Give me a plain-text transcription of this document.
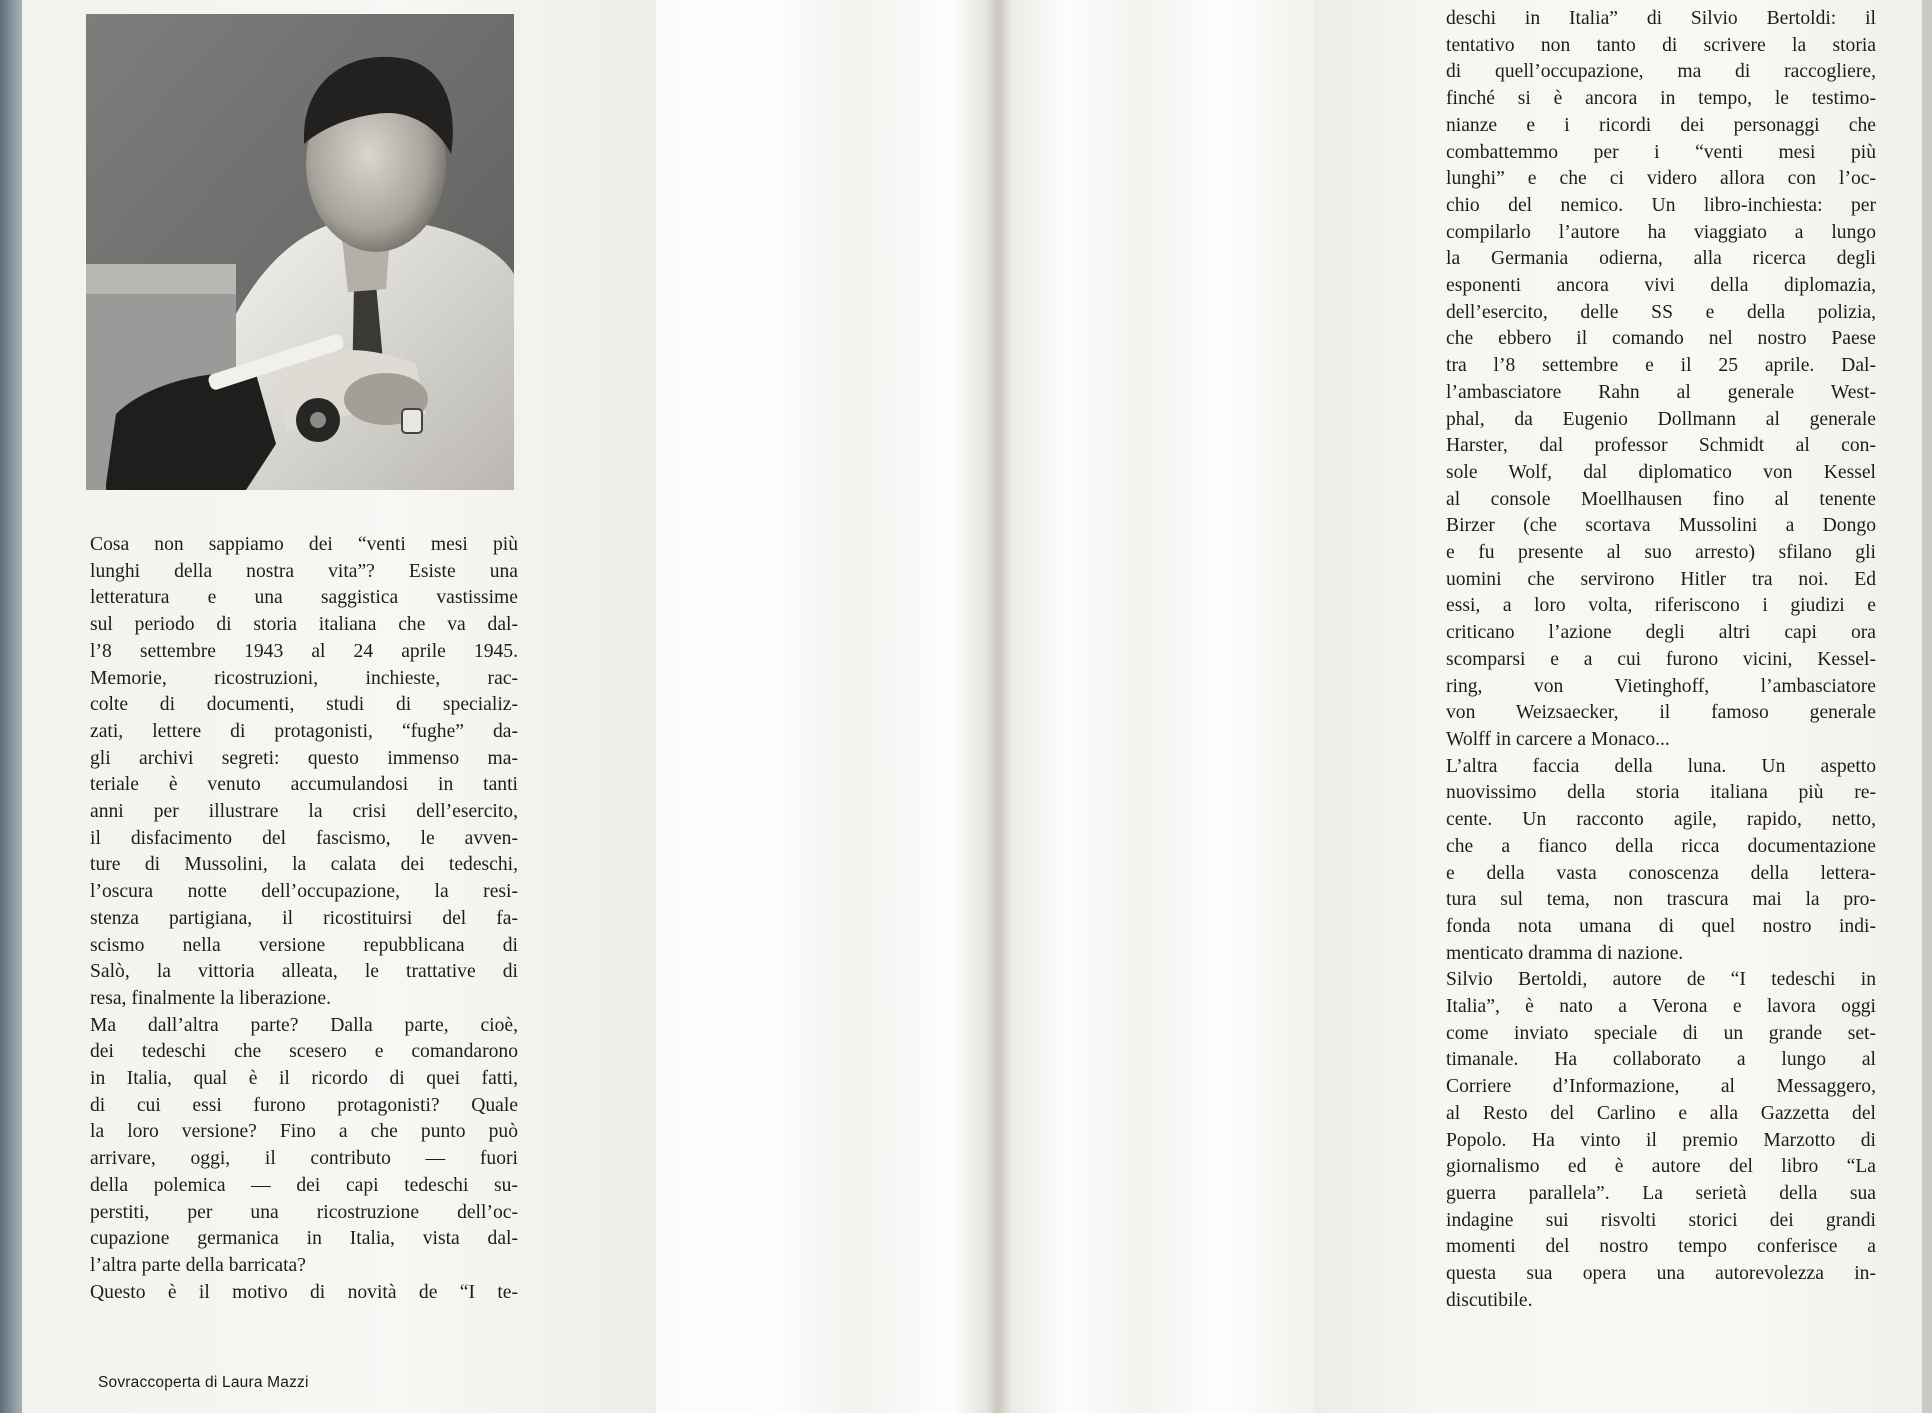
Cosa non sappiamo dei “venti mesi più
lunghi della nostra vita”? Esiste una
letteratura e una saggistica vastissime
sul periodo di storia italiana che va dal-
l’8 settembre 1943 al 24 aprile 1945.
Memorie, ricostruzioni, inchieste, rac-
colte di documenti, studi di specializ-
zati, lettere di protagonisti, “fughe” da-
gli archivi segreti: questo immenso ma-
teriale è venuto accumulandosi in tanti
anni per illustrare la crisi dell’esercito,
il disfacimento del fascismo, le avven-
ture di Mussolini, la calata dei tedeschi,
l’oscura notte dell’occupazione, la resi-
stenza partigiana, il ricostituirsi del fa-
scismo nella versione repubblicana di
Salò, la vittoria alleata, le trattative di
resa, finalmente la liberazione.
Ma dall’altra parte? Dalla parte, cioè,
dei tedeschi che scesero e comandarono
in Italia, qual è il ricordo di quei fatti,
di cui essi furono protagonisti? Quale
la loro versione? Fino a che punto può
arrivare, oggi, il contributo — fuori
della polemica — dei capi tedeschi su-
perstiti, per una ricostruzione dell’oc-
cupazione germanica in Italia, vista dal-
l’altra parte della barricata?
Questo è il motivo di novità de “I te-
Sovraccoperta di Laura Mazzi
deschi in Italia” di Silvio Bertoldi: il
tentativo non tanto di scrivere la storia
di quell’occupazione, ma di raccogliere,
finché si è ancora in tempo, le testimo-
nianze e i ricordi dei personaggi che
combattemmo per i “venti mesi più
lunghi” e che ci videro allora con l’oc-
chio del nemico. Un libro-inchiesta: per
compilarlo l’autore ha viaggiato a lungo
la Germania odierna, alla ricerca degli
esponenti ancora vivi della diplomazia,
dell’esercito, delle SS e della polizia,
che ebbero il comando nel nostro Paese
tra l’8 settembre e il 25 aprile. Dal-
l’ambasciatore Rahn al generale West-
phal, da Eugenio Dollmann al generale
Harster, dal professor Schmidt al con-
sole Wolf, dal diplomatico von Kessel
al console Moellhausen fino al tenente
Birzer (che scortava Mussolini a Dongo
e fu presente al suo arresto) sfilano gli
uomini che servirono Hitler tra noi. Ed
essi, a loro volta, riferiscono i giudizi e
criticano l’azione degli altri capi ora
scomparsi e a cui furono vicini, Kessel-
ring, von Vietinghoff, l’ambasciatore
von Weizsaecker, il famoso generale
Wolff in carcere a Monaco...
L’altra faccia della luna. Un aspetto
nuovissimo della storia italiana più re-
cente. Un racconto agile, rapido, netto,
che a fianco della ricca documentazione
e della vasta conoscenza della lettera-
tura sul tema, non trascura mai la pro-
fonda nota umana di quel nostro indi-
menticato dramma di nazione.
Silvio Bertoldi, autore de “I tedeschi in
Italia”, è nato a Verona e lavora oggi
come inviato speciale di un grande set-
timanale. Ha collaborato a lungo al
Corriere d’Informazione, al Messaggero,
al Resto del Carlino e alla Gazzetta del
Popolo. Ha vinto il premio Marzotto di
giornalismo ed è autore del libro “La
guerra parallela”. La serietà della sua
indagine sui risvolti storici dei grandi
momenti del nostro tempo conferisce a
questa sua opera una autorevolezza in-
discutibile.
